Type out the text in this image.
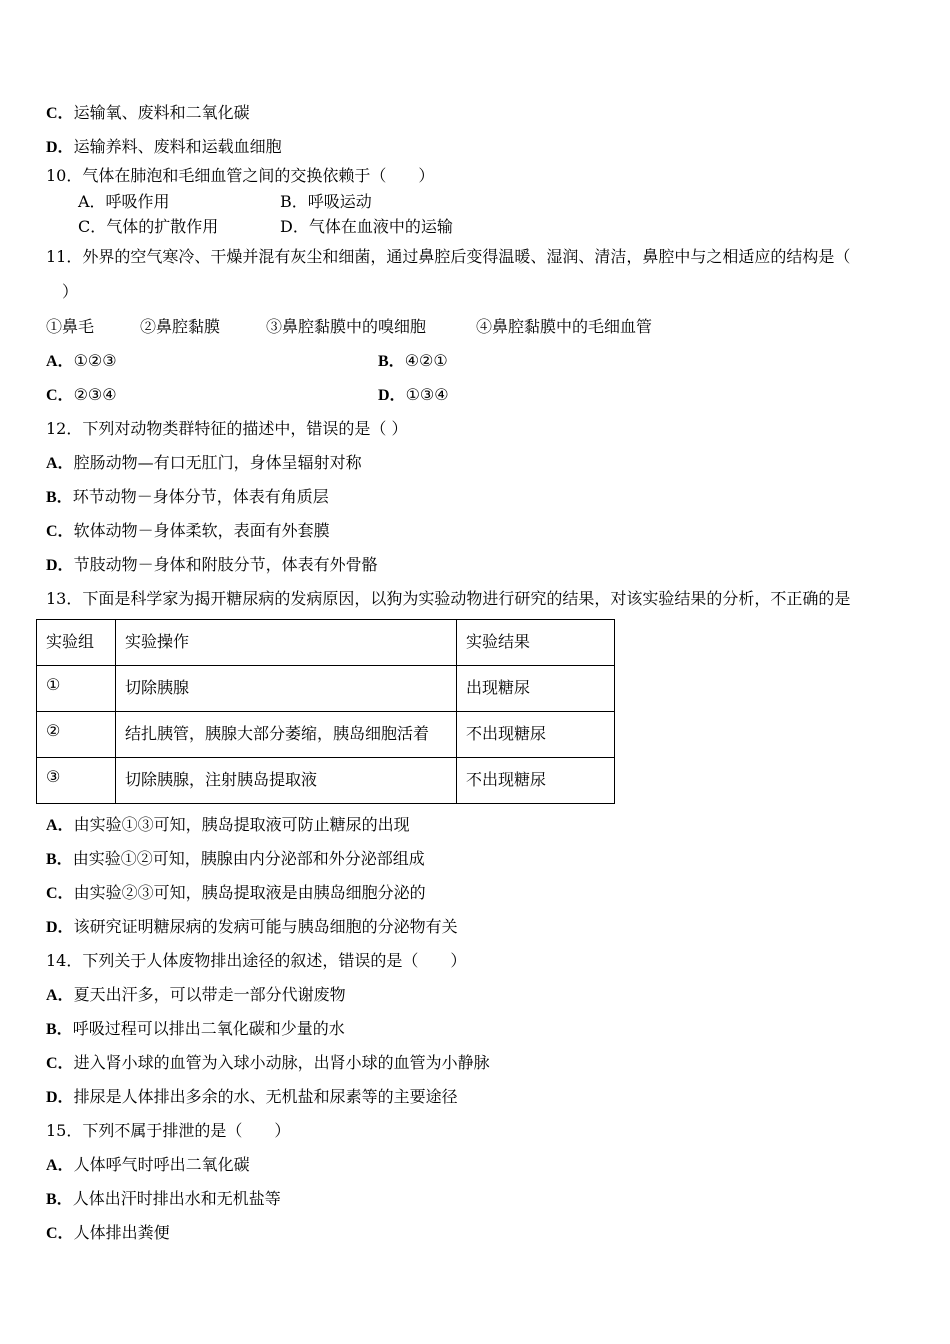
C．运输氧、废料和二氧化碳
D．运输养料、废料和运载血细胞
10．气体在肺泡和毛细血管之间的交换依赖于（　　）
A．呼吸作用	B．呼吸运动
C．气体的扩散作用	D．气体在血液中的运输
11．外界的空气寒冷、干燥并混有灰尘和细菌，通过鼻腔后变得温暖、湿润、清洁，鼻腔中与之相适应的结构是（
）
①鼻毛	②鼻腔黏膜	③鼻腔黏膜中的嗅细胞	④鼻腔黏膜中的毛细血管
A．①②③	B．④②①
C．②③④	D．①③④
12．下列对动物类群特征的描述中，错误的是（ ）
A．腔肠动物—有口无肛门，身体呈辐射对称
B．环节动物－身体分节，体表有角质层
C．软体动物－身体柔软，表面有外套膜
D．节肢动物－身体和附肢分节，体表有外骨骼
13．下面是科学家为揭开糖尿病的发病原因，以狗为实验动物进行研究的结果，对该实验结果的分析，不正确的是
实验组	实验操作	实验结果
①	切除胰腺	出现糖尿
②	结扎胰管，胰腺大部分萎缩，胰岛细胞活着	不出现糖尿
③	切除胰腺，注射胰岛提取液	不出现糖尿
A．由实验①③可知，胰岛提取液可防止糖尿的出现
B．由实验①②可知，胰腺由内分泌部和外分泌部组成
C．由实验②③可知，胰岛提取液是由胰岛细胞分泌的
D．该研究证明糖尿病的发病可能与胰岛细胞的分泌物有关
14．下列关于人体废物排出途径的叙述，错误的是（　　）
A．夏天出汗多，可以带走一部分代谢废物
B．呼吸过程可以排出二氧化碳和少量的水
C．进入肾小球的血管为入球小动脉，出肾小球的血管为小静脉
D．排尿是人体排出多余的水、无机盐和尿素等的主要途径
15．下列不属于排泄的是（　　）
A．人体呼气时呼出二氧化碳
B．人体出汗时排出水和无机盐等
C．人体排出粪便
